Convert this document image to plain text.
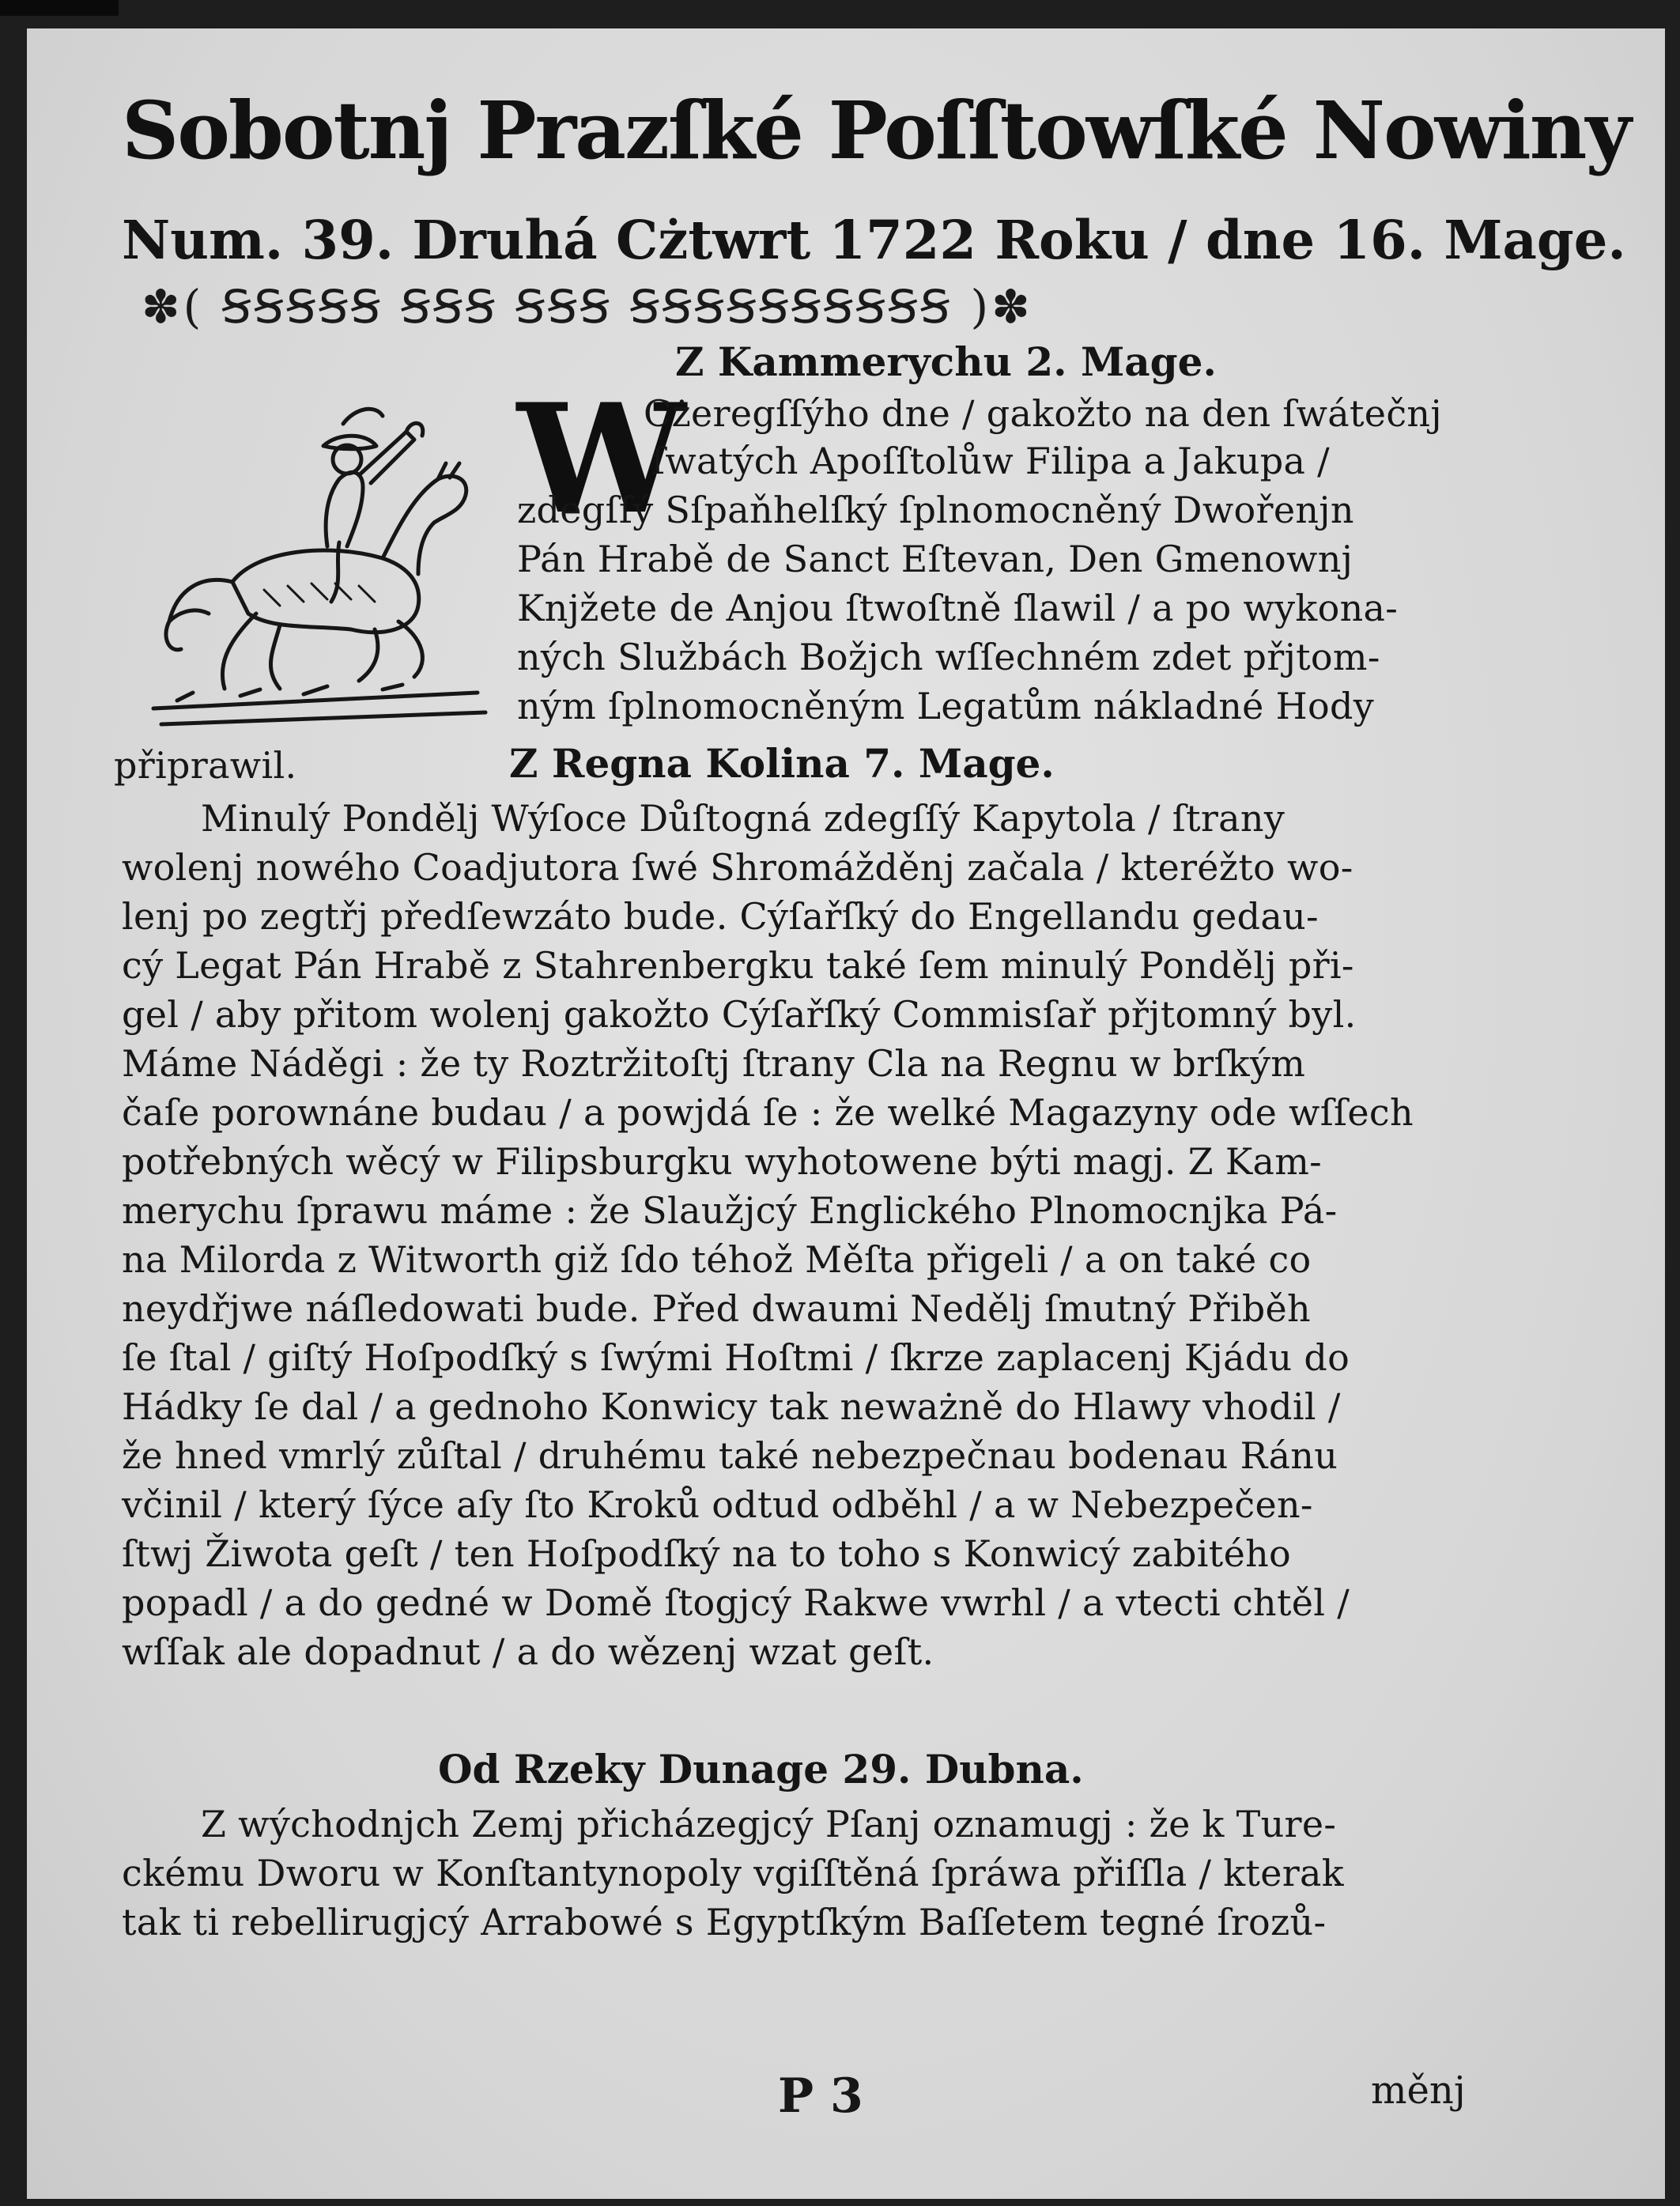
Sobotnj Prazſké Poſſtowſké Nowiny
Num. 39. Druhá Cżtwrt 1722 Roku / dne 16. Mage.
✽( ꞨꞨꞨꞨꞨ ꞨꞨꞨ ꞨꞨꞨ ꞨꞨꞨꞨꞨꞨꞨꞨꞨꞨ )✽
Z Kammerychu 2. Mage.
W
Cżeregſſýho dne / gakožto na den ſwátečnj
ſwatých Apoſſtolůw Filipa a Jakupa /
zdegſſý Sſpaňhelſký ſplnomocněný Dwořenjn
Pán Hrabě de Sanct Eſtevan, Den Gmenownj
Knjžete de Anjou ſtwoſtně ſlawil / a po wykona-
ných Službách Božjch wſſechném zdet přjtom-
ným ſplnomocněným Legatům nákladné Hody
připrawil.	Z Regna Kolina 7. Mage.
Minulý Pondělj Wýſoce Důſtogná zdegſſý Kapytola / ſtrany
wolenj nowého Coadjutora ſwé Shromážděnj začala / kteréžto wo-
lenj po zegtřj předſewzáto bude. Cýſařſký do Engellandu gedau-
cý Legat Pán Hrabě z Stahrenbergku také ſem minulý Pondělj při-
gel / aby přitom wolenj gakožto Cýſařſký Commisſař přjtomný byl.
Máme Náděgi : že ty Roztržitoſtj ſtrany Cla na Regnu w brſkým
čaſe porownáne budau / a powjdá ſe : že welké Magazyny ode wſſech
potřebných wěcý w Filipsburgku wyhotowene býti magj. Z Kam-
merychu ſprawu máme : že Slaužjcý Englického Plnomocnjka Pá-
na Milorda z Witworth giž ſdo téhož Měſta přigeli / a on také co
neydřjwe náſledowati bude. Před dwaumi Nedělj ſmutný Přiběh
ſe ſtal / giſtý Hoſpodſký s ſwými Hoſtmi / ſkrze zaplacenj Kjádu do
Hádky ſe dal / a gednoho Konwicy tak neważně do Hlawy vhodil /
že hned vmrlý zůſtal / druhému také nebezpečnau bodenau Ránu
včinil / který ſýce aſy ſto Kroků odtud odběhl / a w Nebezpečen-
ſtwj Žiwota geſt / ten Hoſpodſký na to toho s Konwicý zabitého
popadl / a do gedné w Domě ſtogjcý Rakwe vwrhl / a vtecti chtěl /
wſſak ale dopadnut / a do wězenj wzat geſt.
Od Rzeky Dunage 29. Dubna.
Z wýchodnjch Zemj přicházegjcý Pſanj oznamugj : že k Ture-
ckému Dworu w Konſtantynopoly vgiſſtěná ſpráwa přiſſla / kterak
tak ti rebellirugjcý Arrabowé s Egyptſkým Baſſetem tegné ſrozů-
P 3	měnj
